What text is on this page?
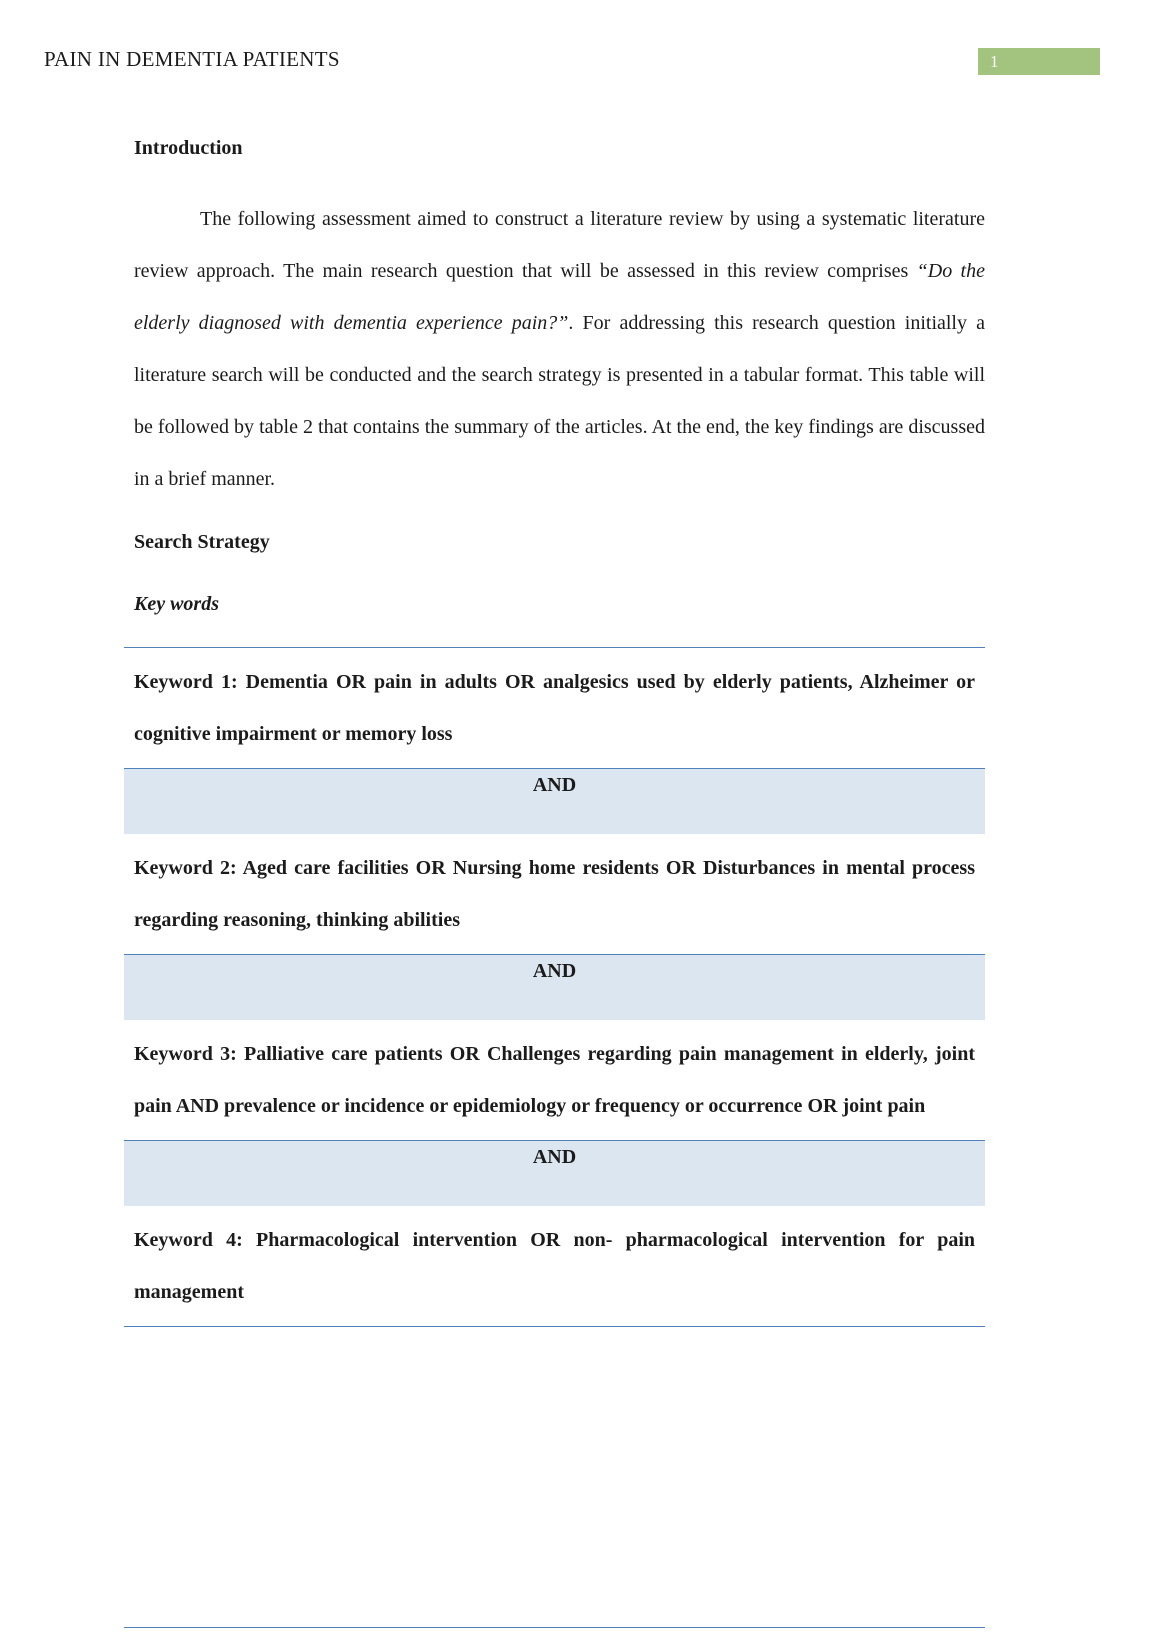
PAIN IN DEMENTIA PATIENTS	1
Introduction

The following assessment aimed to construct a literature review by using a systematic literature review approach. The main research question that will be assessed in this review comprises “Do the elderly diagnosed with dementia experience pain?”. For addressing this research question initially a literature search will be conducted and the search strategy is presented in a tabular format. This table will be followed by table 2 that contains the summary of the articles. At the end, the key findings are discussed in a brief manner.

Search Strategy
Key words
Keyword 1: Dementia OR pain in adults OR analgesics used by elderly patients, Alzheimer or cognitive impairment or memory loss
AND
Keyword 2: Aged care facilities OR Nursing home residents OR Disturbances in mental process regarding reasoning, thinking abilities
AND
Keyword 3: Palliative care patients OR Challenges regarding pain management in elderly, joint pain AND prevalence or incidence or epidemiology or frequency or occurrence OR joint pain
AND
Keyword 4: Pharmacological intervention OR non- pharmacological intervention for pain management
